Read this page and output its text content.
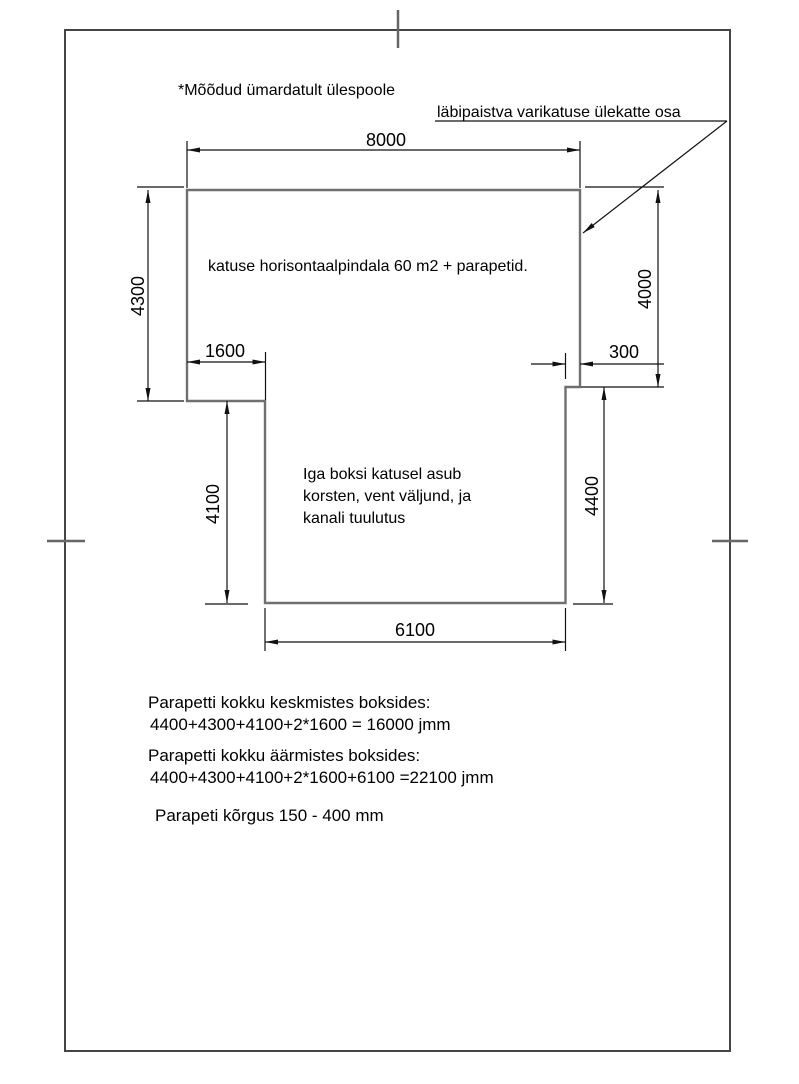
8000
4300	4000
1600	300
4100	4400
6100
läbipaistva varikatuse ülekatte osa
*Mõõdud ümardatult ülespoole
katuse horisontaalpindala 60 m2 + parapetid.
Iga boksi katusel asub
korsten, vent väljund, ja
kanali tuulutus
Parapetti kokku keskmistes boksides:
4400+4300+4100+2*1600 = 16000 jmm
Parapetti kokku äärmistes boksides:
4400+4300+4100+2*1600+6100 =22100 jmm
Parapeti kõrgus 150 - 400 mm
